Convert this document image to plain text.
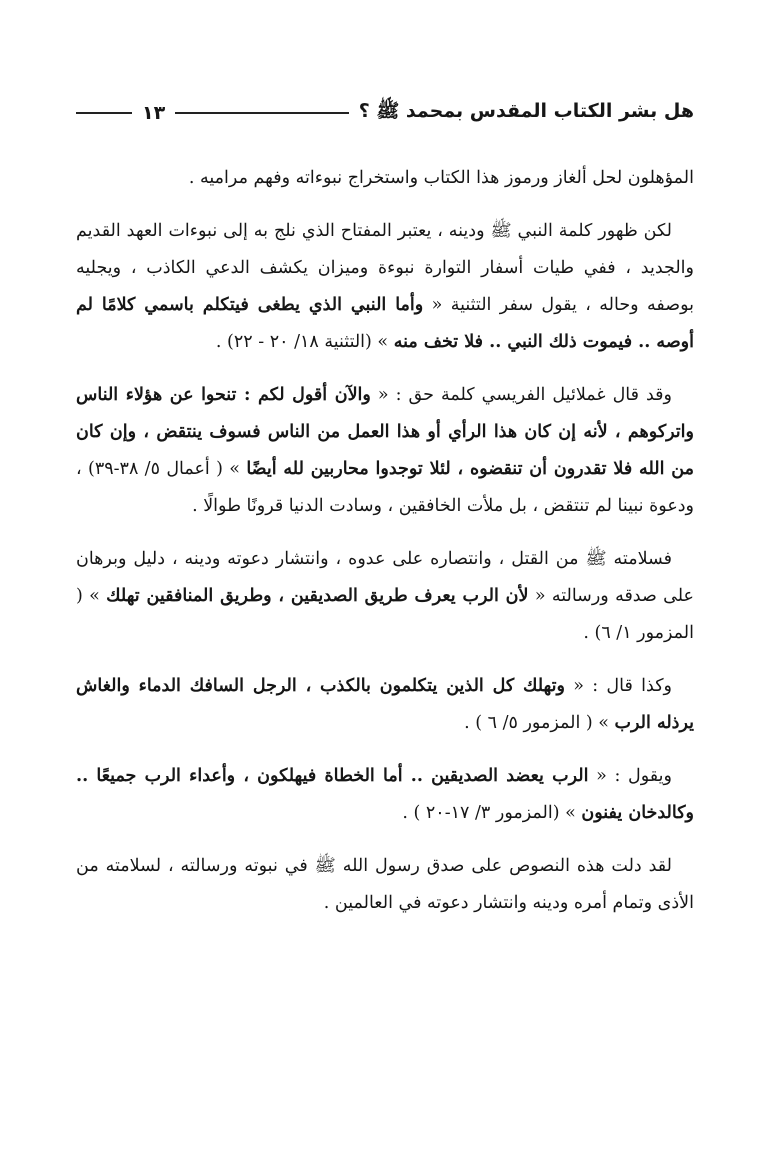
هل بشر الكتاب المقدس بمحمد ﷺ ؟
١٣

المؤهلون لحل ألغاز ورموز هذا الكتاب واستخراج نبوءاته وفهم مراميه .

لكن ظهور كلمة النبي ﷺ ودينه ، يعتبر المفتاح الذي نلج به إلى نبوءات العهد القديم والجديد ، ففي طيات أسفار التوارة نبوءة وميزان يكشف الدعي الكاذب ، ويجليه بوصفه وحاله ، يقول سفر التثنية « وأما النبي الذي يطغى فيتكلم باسمي كلامًا لم أوصه .. فيموت ذلك النبي .. فلا تخف منه » (التثنية ١٨/ ٢٠ - ٢٢) .

وقد قال غملائيل الفريسي كلمة حق : « والآن أقول لكم : تنحوا عن هؤلاء الناس واتركوهم ، لأنه إن كان هذا الرأي أو هذا العمل من الناس فسوف ينتقض ، وإن كان من الله فلا تقدرون أن تنقضوه ، لئلا توجدوا محاربين لله أيضًا » ( أعمال ٥/ ٣٨-٣٩) ، ودعوة نبينا لم تنتقض ، بل ملأت الخافقين ، وسادت الدنيا قرونًا طوالًا .

فسلامته ﷺ من القتل ، وانتصاره على عدوه ، وانتشار دعوته ودينه ، دليل وبرهان على صدقه ورسالته « لأن الرب يعرف طريق الصديقين ، وطريق المنافقين تهلك » ( المزمور ١/ ٦) .

وكذا قال : « وتهلك كل الذين يتكلمون بالكذب ، الرجل السافك الدماء والغاش يرذله الرب » ( المزمور ٥/ ٦ ) .

ويقول : « الرب يعضد الصديقين .. أما الخطاة فيهلكون ، وأعداء الرب جميعًا .. وكالدخان يفنون » (المزمور ٣/ ١٧-٢٠ ) .

لقد دلت هذه النصوص على صدق رسول الله ﷺ في نبوته ورسالته ، لسلامته من الأذى وتمام أمره ودينه وانتشار دعوته في العالمين .
